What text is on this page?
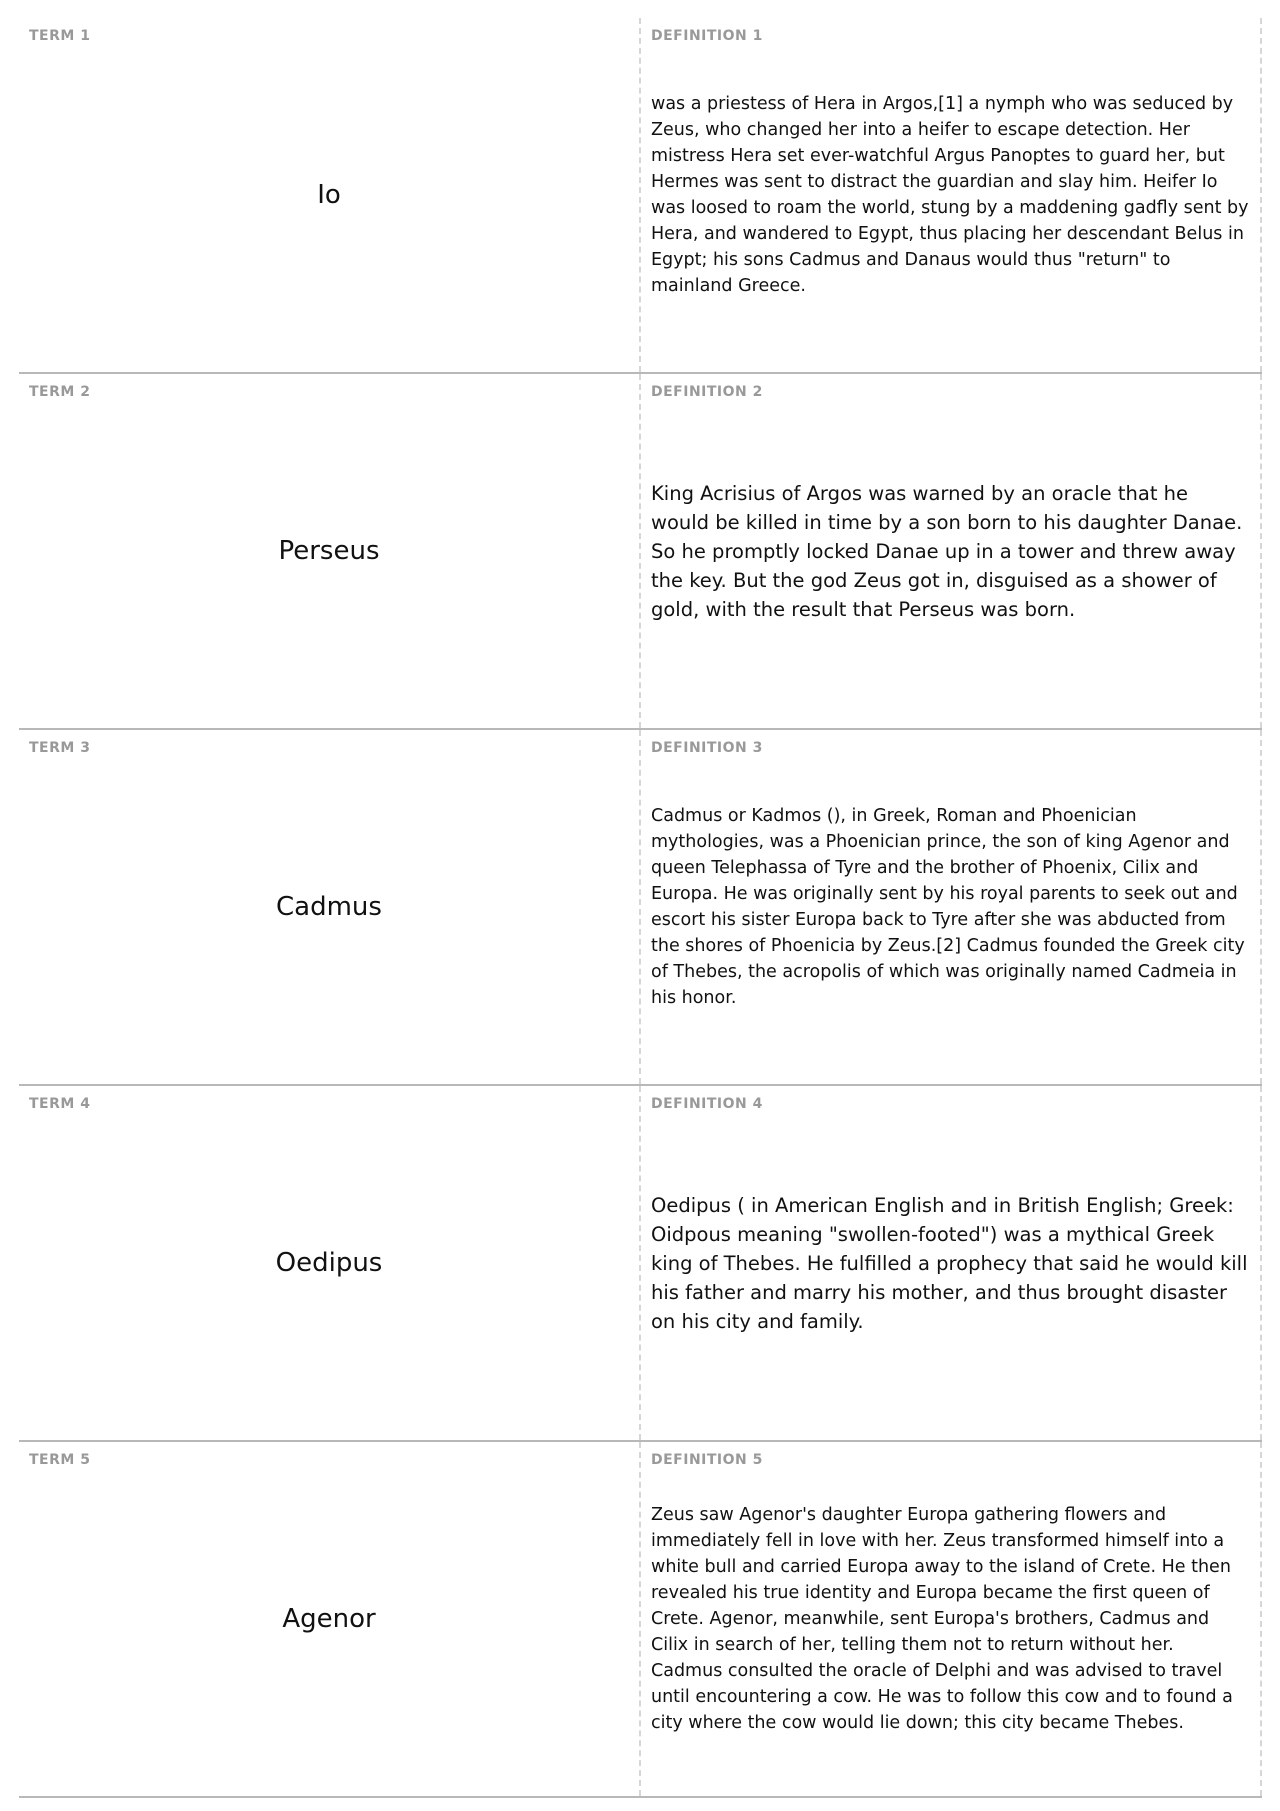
TERM 1
Io
DEFINITION 1
was a priestess of Hera in Argos,[1] a nymph who was seduced by Zeus, who changed her into a heifer to escape detection. Her mistress Hera set ever-watchful Argus Panoptes to guard her, but Hermes was sent to distract the guardian and slay him. Heifer Io was loosed to roam the world, stung by a maddening gadfly sent by Hera, and wandered to Egypt, thus placing her descendant Belus in Egypt; his sons Cadmus and Danaus would thus "return" to mainland Greece.
TERM 2
Perseus
DEFINITION 2
King Acrisius of Argos was warned by an oracle that he would be killed in time by a son born to his daughter Danae. So he promptly locked Danae up in a tower and threw away the key. But the god Zeus got in, disguised as a shower of gold, with the result that Perseus was born.
TERM 3
Cadmus
DEFINITION 3
Cadmus or Kadmos (), in Greek, Roman and Phoenician mythologies, was a Phoenician prince, the son of king Agenor and queen Telephassa of Tyre and the brother of Phoenix, Cilix and Europa. He was originally sent by his royal parents to seek out and escort his sister Europa back to Tyre after she was abducted from the shores of Phoenicia by Zeus.[2] Cadmus founded the Greek city of Thebes, the acropolis of which was originally named Cadmeia in his honor.
TERM 4
Oedipus
DEFINITION 4
Oedipus ( in American English and in British English; Greek: Oidpous meaning "swollen-footed") was a mythical Greek king of Thebes. He fulfilled a prophecy that said he would kill his father and marry his mother, and thus brought disaster on his city and family.
TERM 5
Agenor
DEFINITION 5
Zeus saw Agenor's daughter Europa gathering flowers and immediately fell in love with her. Zeus transformed himself into a white bull and carried Europa away to the island of Crete. He then revealed his true identity and Europa became the first queen of Crete. Agenor, meanwhile, sent Europa's brothers, Cadmus and Cilix in search of her, telling them not to return without her. Cadmus consulted the oracle of Delphi and was advised to travel until encountering a cow. He was to follow this cow and to found a city where the cow would lie down; this city became Thebes.
